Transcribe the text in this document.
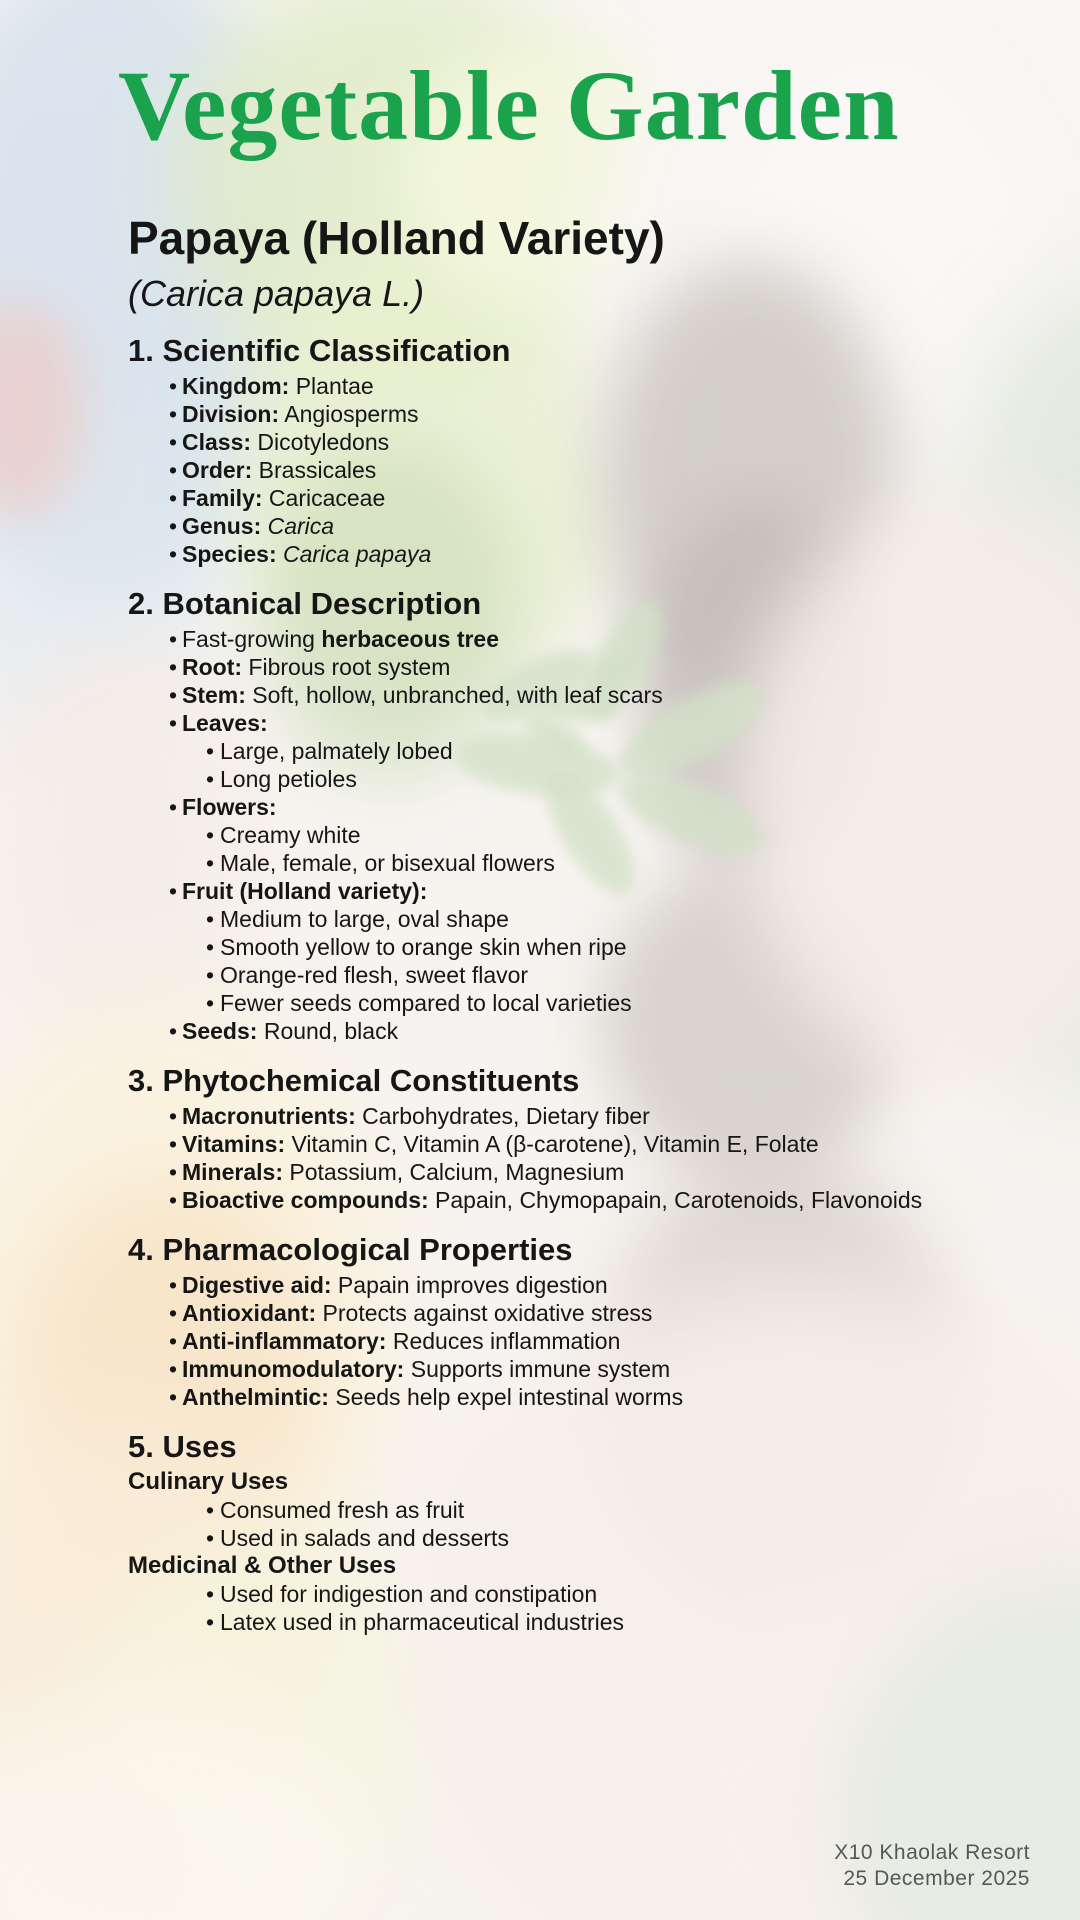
Vegetable Garden
Papaya (Holland Variety)
(Carica papaya L.)
1. Scientific Classification
• Kingdom: Plantae
• Division: Angiosperms
• Class: Dicotyledons
• Order: Brassicales
• Family: Caricaceae
• Genus: Carica
• Species: Carica papaya
2. Botanical Description
• Fast-growing herbaceous tree
• Root: Fibrous root system
• Stem: Soft, hollow, unbranched, with leaf scars
• Leaves:
• Large, palmately lobed
• Long petioles
• Flowers:
• Creamy white
• Male, female, or bisexual flowers
• Fruit (Holland variety):
• Medium to large, oval shape
• Smooth yellow to orange skin when ripe
• Orange-red flesh, sweet flavor
• Fewer seeds compared to local varieties
• Seeds: Round, black
3. Phytochemical Constituents
• Macronutrients: Carbohydrates, Dietary fiber
• Vitamins: Vitamin C, Vitamin A (β-carotene), Vitamin E, Folate
• Minerals: Potassium, Calcium, Magnesium
• Bioactive compounds: Papain, Chymopapain, Carotenoids, Flavonoids
4. Pharmacological Properties
• Digestive aid: Papain improves digestion
• Antioxidant: Protects against oxidative stress
• Anti-inflammatory: Reduces inflammation
• Immunomodulatory: Supports immune system
• Anthelmintic: Seeds help expel intestinal worms
5. Uses
Culinary Uses
• Consumed fresh as fruit
• Used in salads and desserts
Medicinal & Other Uses
• Used for indigestion and constipation
• Latex used in pharmaceutical industries
X10 Khaolak Resort
25 December 2025
